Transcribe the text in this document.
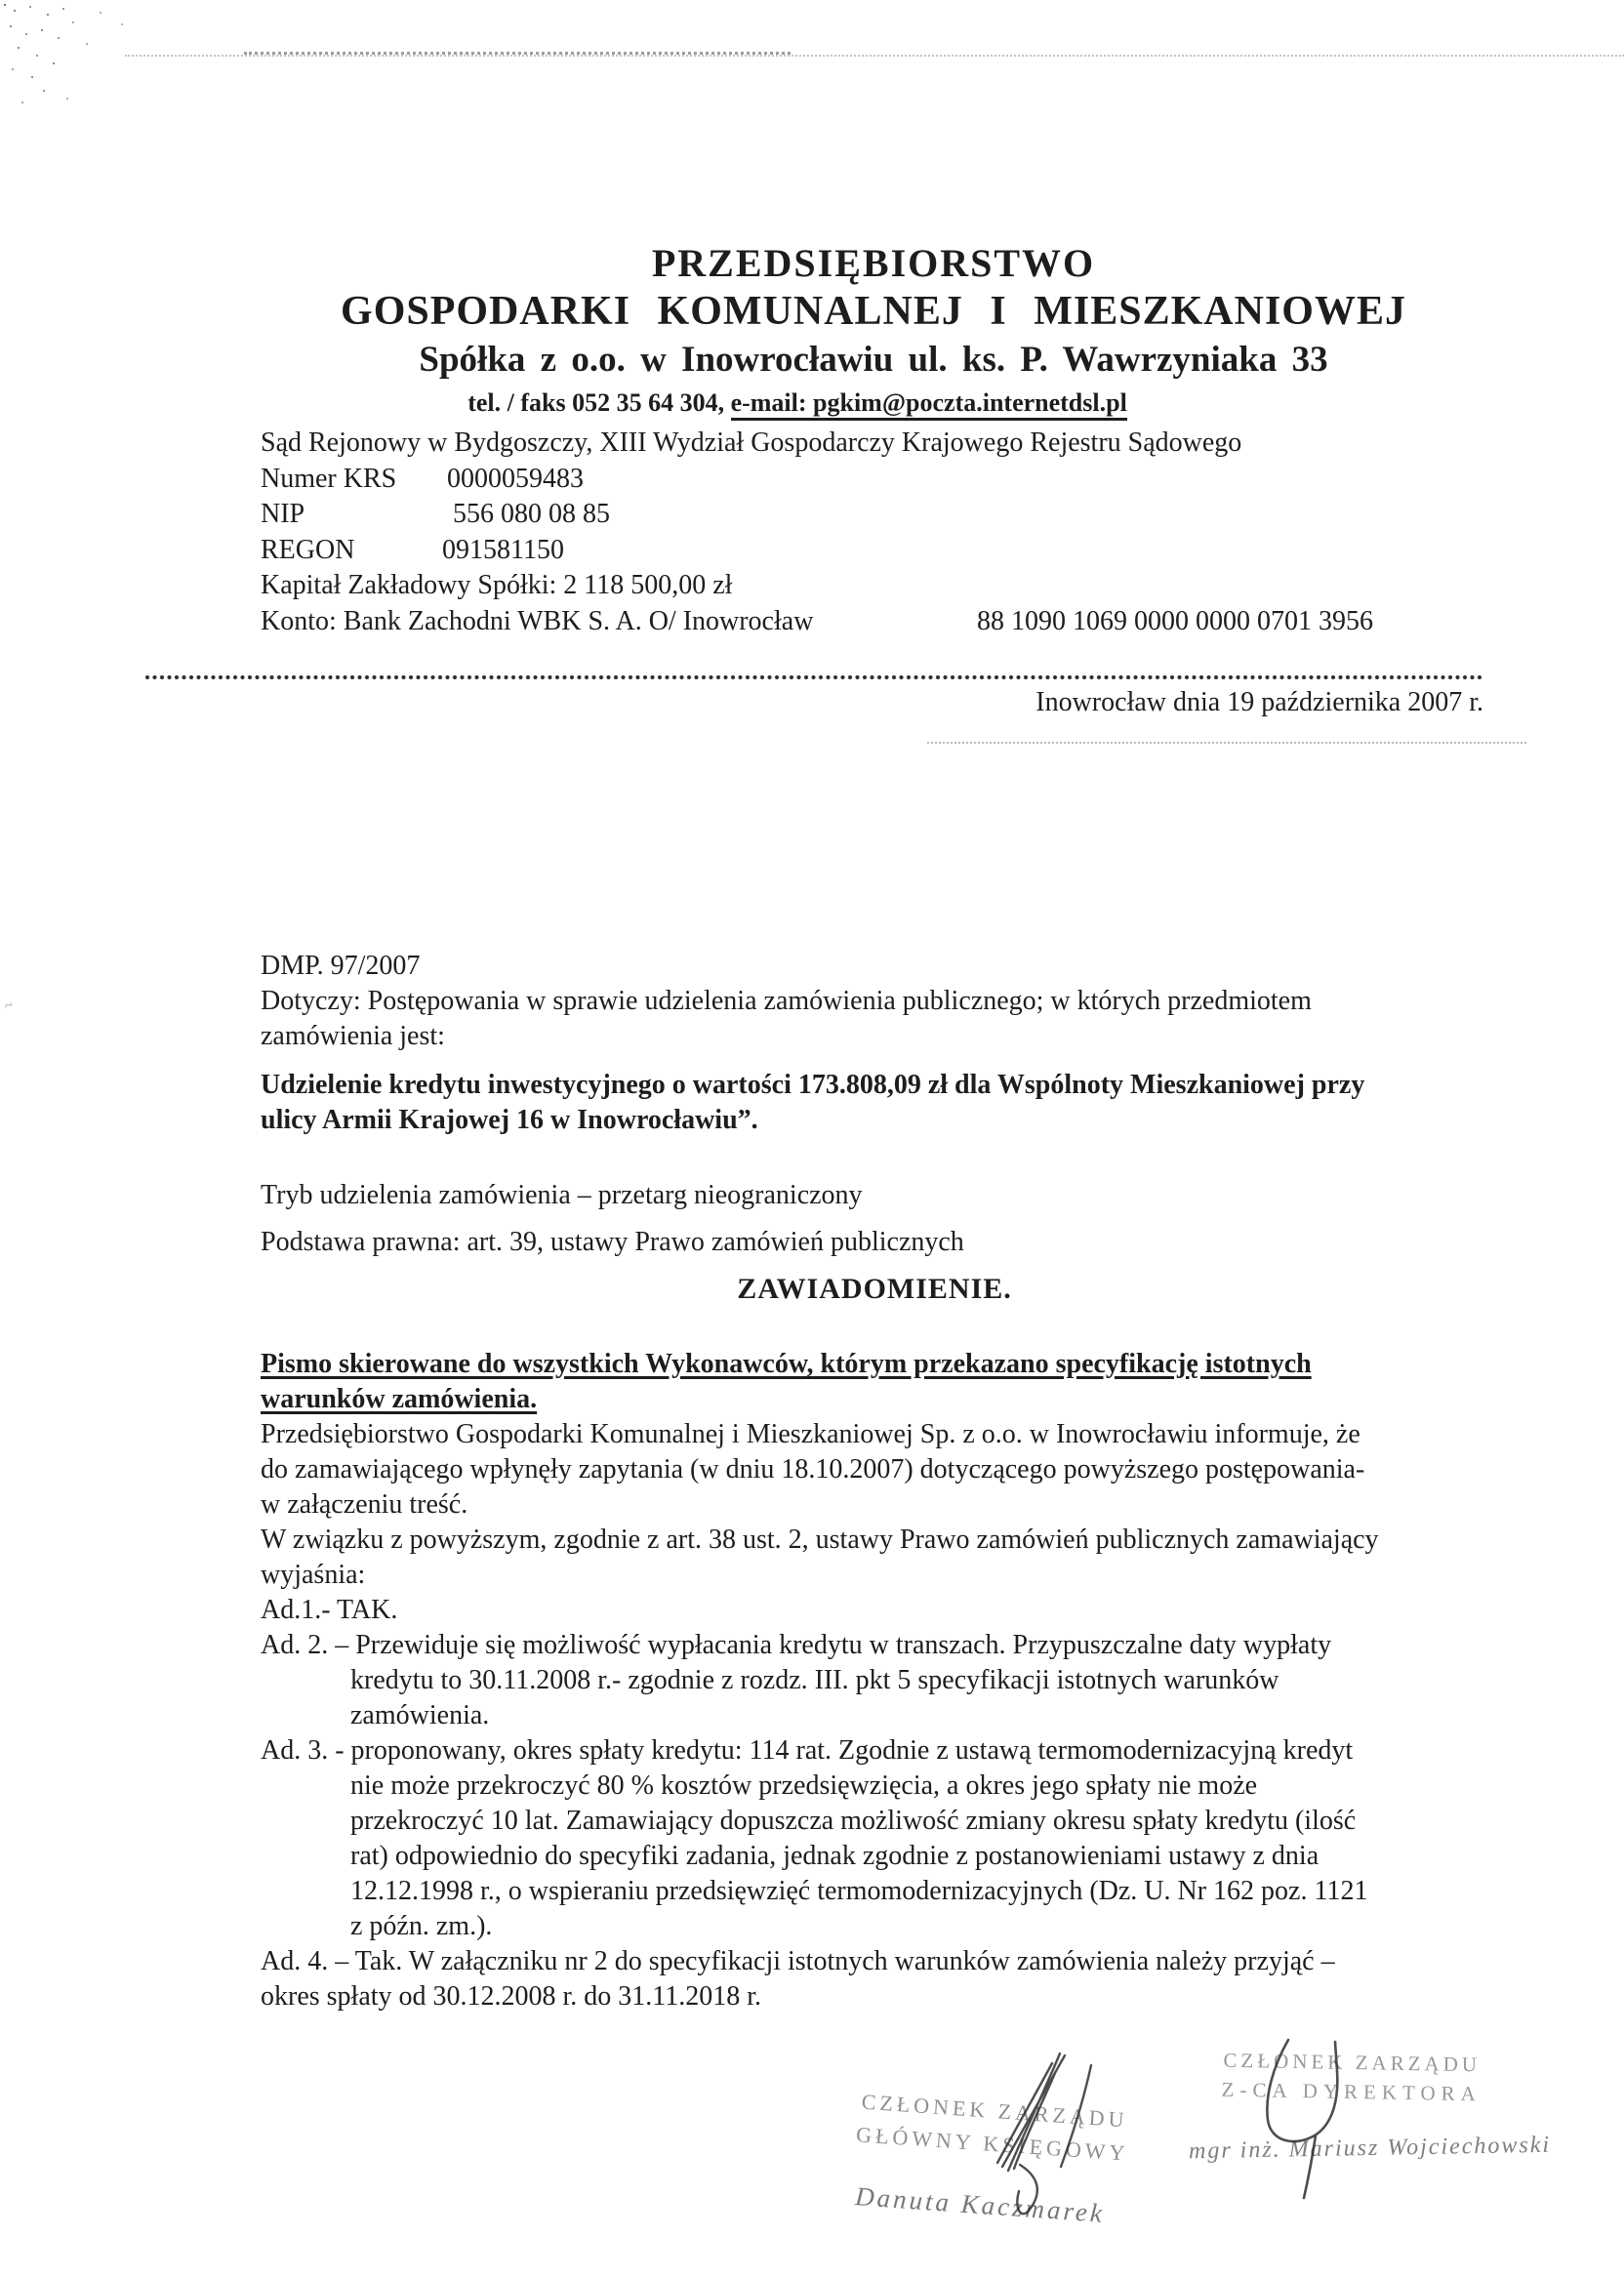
~
PRZEDSIĘBIORSTWO
GOSPODARKI KOMUNALNEJ I MIESZKANIOWEJ
Spółka z o.o. w Inowrocławiu ul. ks. P. Wawrzyniaka 33
tel. / faks 052 35 64 304, e-mail: pgkim@poczta.internetdsl.pl
Sąd Rejonowy w Bydgoszczy, XIII Wydział Gospodarczy Krajowego Rejestru Sądowego
Numer KRS 0000059483
NIP	556 080 08 85
REGON	091581150
Kapitał Zakładowy Spółki: 2 118 500,00 zł
Konto: Bank Zachodni WBK S. A. O/ Inowrocław	88 1090 1069 0000 0000 0701 3956
Inowrocław dnia 19 października 2007 r.
DMP. 97/2007
Dotyczy: Postępowania w sprawie udzielenia zamówienia publicznego; w których przedmiotem
zamówienia jest:
Udzielenie kredytu inwestycyjnego o wartości 173.808,09 zł dla Wspólnoty Mieszkaniowej przy
ulicy Armii Krajowej 16 w Inowrocławiu”.
Tryb udzielenia zamówienia – przetarg nieograniczony
Podstawa prawna: art. 39, ustawy Prawo zamówień publicznych
ZAWIADOMIENIE.
Pismo skierowane do wszystkich Wykonawców, którym przekazano specyfikację istotnych
warunków zamówienia.
Przedsiębiorstwo Gospodarki Komunalnej i Mieszkaniowej Sp. z o.o. w Inowrocławiu informuje, że
do zamawiającego wpłynęły zapytania (w dniu 18.10.2007) dotyczącego powyższego postępowania-
w załączeniu treść.
W związku z powyższym, zgodnie z art. 38 ust. 2, ustawy Prawo zamówień publicznych zamawiający
wyjaśnia:
Ad.1.- TAK.
Ad. 2. – Przewiduje się możliwość wypłacania kredytu w transzach. Przypuszczalne daty wypłaty
kredytu to 30.11.2008 r.- zgodnie z rozdz. III. pkt 5 specyfikacji istotnych warunków
zamówienia.
Ad. 3. - proponowany, okres spłaty kredytu: 114 rat. Zgodnie z ustawą termomodernizacyjną kredyt
nie może przekroczyć 80 % kosztów przedsięwzięcia, a okres jego spłaty nie może
przekroczyć 10 lat. Zamawiający dopuszcza możliwość zmiany okresu spłaty kredytu (ilość
rat) odpowiednio do specyfiki zadania, jednak zgodnie z postanowieniami ustawy z dnia
12.12.1998 r., o wspieraniu przedsięwzięć termomodernizacyjnych (Dz. U. Nr 162 poz. 1121
z późn. zm.).
Ad. 4. – Tak. W załączniku nr 2 do specyfikacji istotnych warunków zamówienia należy przyjąć –
okres spłaty od 30.12.2008 r. do 31.11.2018 r.
CZŁONEK ZARZĄDU
GŁÓWNY KSIĘGOWY
Danuta Kaczmarek
CZŁONEK ZARZĄDU
Z-CA DYREKTORA
mgr inż. Mariusz Wojciechowski
